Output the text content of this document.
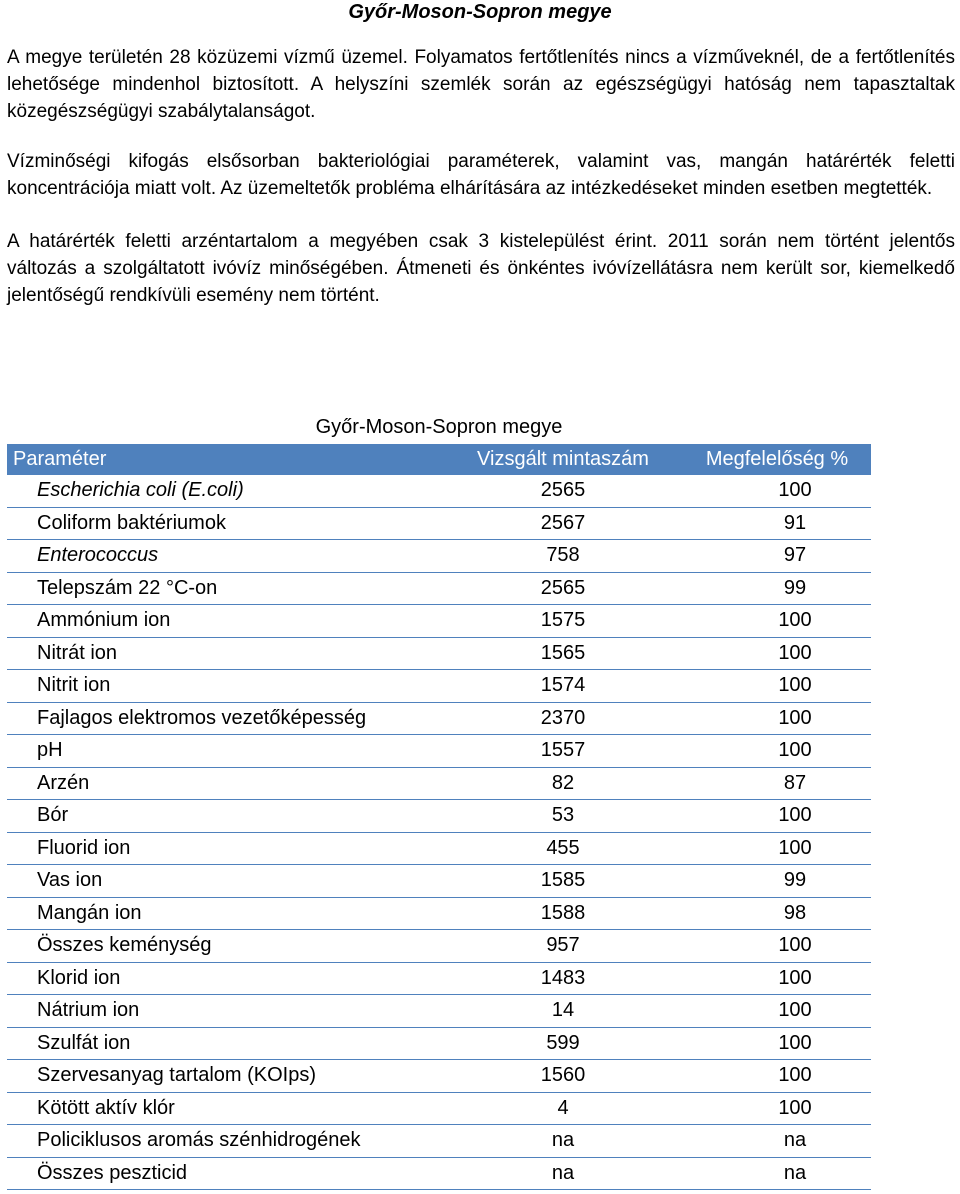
Győr-Moson-Sopron megye

A megye területén 28 közüzemi vízmű üzemel. Folyamatos fertőtlenítés nincs a vízműveknél, de a fertőtlenítés lehetősége mindenhol biztosított. A helyszíni szemlék során az egészségügyi hatóság nem tapasztaltak közegészségügyi szabálytalanságot.

Vízminőségi kifogás elsősorban bakteriológiai paraméterek, valamint vas, mangán határérték feletti koncentrációja miatt volt. Az üzemeltetők probléma elhárítására az intézkedéseket minden esetben megtették.

A határérték feletti arzéntartalom a megyében csak 3 kistelepülést érint. 2011 során nem történt jelentős változás a szolgáltatott ivóvíz minőségében. Átmeneti és önkéntes ivóvízellátásra nem került sor, kiemelkedő jelentőségű rendkívüli esemény nem történt.

Győr-Moson-Sopron megye
Paraméter	Vizsgált mintaszám	Megfelelőség %
Escherichia coli (E.coli)	2565	100
Coliform baktériumok	2567	91
Enterococcus	758	97
Telepszám 22 °C-on	2565	99
Ammónium ion	1575	100
Nitrát ion	1565	100
Nitrit ion	1574	100
Fajlagos elektromos vezetőképesség	2370	100
pH	1557	100
Arzén	82	87
Bór	53	100
Fluorid ion	455	100
Vas ion	1585	99
Mangán ion	1588	98
Összes keménység	957	100
Klorid ion	1483	100
Nátrium ion	14	100
Szulfát ion	599	100
Szervesanyag tartalom (KOIps)	1560	100
Kötött aktív klór	4	100
Policiklusos aromás szénhidrogének	na	na
Összes peszticid	na	na
